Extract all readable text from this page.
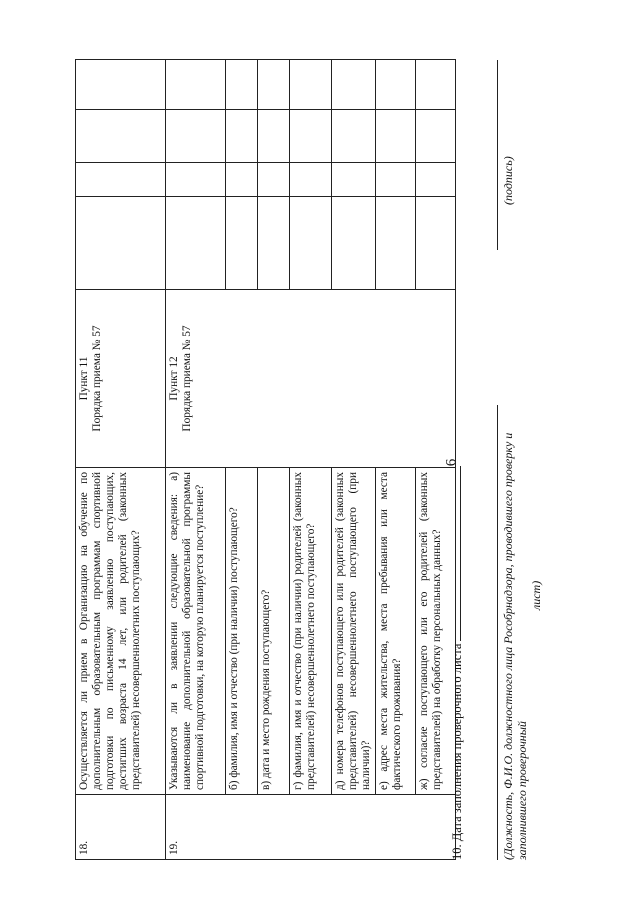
6
18.	Осуществляется ли прием в Организацию на обучение по дополнительным образовательным программам спортивной подготовки по письменному заявлению поступающих, достигших возраста 14 лет, или родителей (законных представителей) несовершеннолетних поступающих?	Пункт 11 Порядка приема № 57				

19.	Указываются ли в заявлении следующие сведения: а) наименование дополнительной образовательной программы спортивной подготовки, на которую планируется поступление?	Пункт 12 Порядка приема № 57				

	б) фамилия, имя и отчество (при наличии) поступающего?					
	в) дата и место рождения поступающего?					
	г) фамилия, имя и отчество (при наличии) родителей (законных представителей) несовершеннолетнего поступающего?					
	д) номера телефонов поступающего или родителей (законных представителей) несовершеннолетнего поступающего (при наличии)?					
	е) адрес места жительства, места пребывания или места фактического проживания?					
	ж) согласие поступающего или его родителей (законных представителей) на обработку персональных данных?					10. Дата заполнения проверочного листа	(Должность, Ф.И.О. должностного лица Рособрнадзора, проводившего проверку и заполнившего проверочный
лист)
(подпись)
